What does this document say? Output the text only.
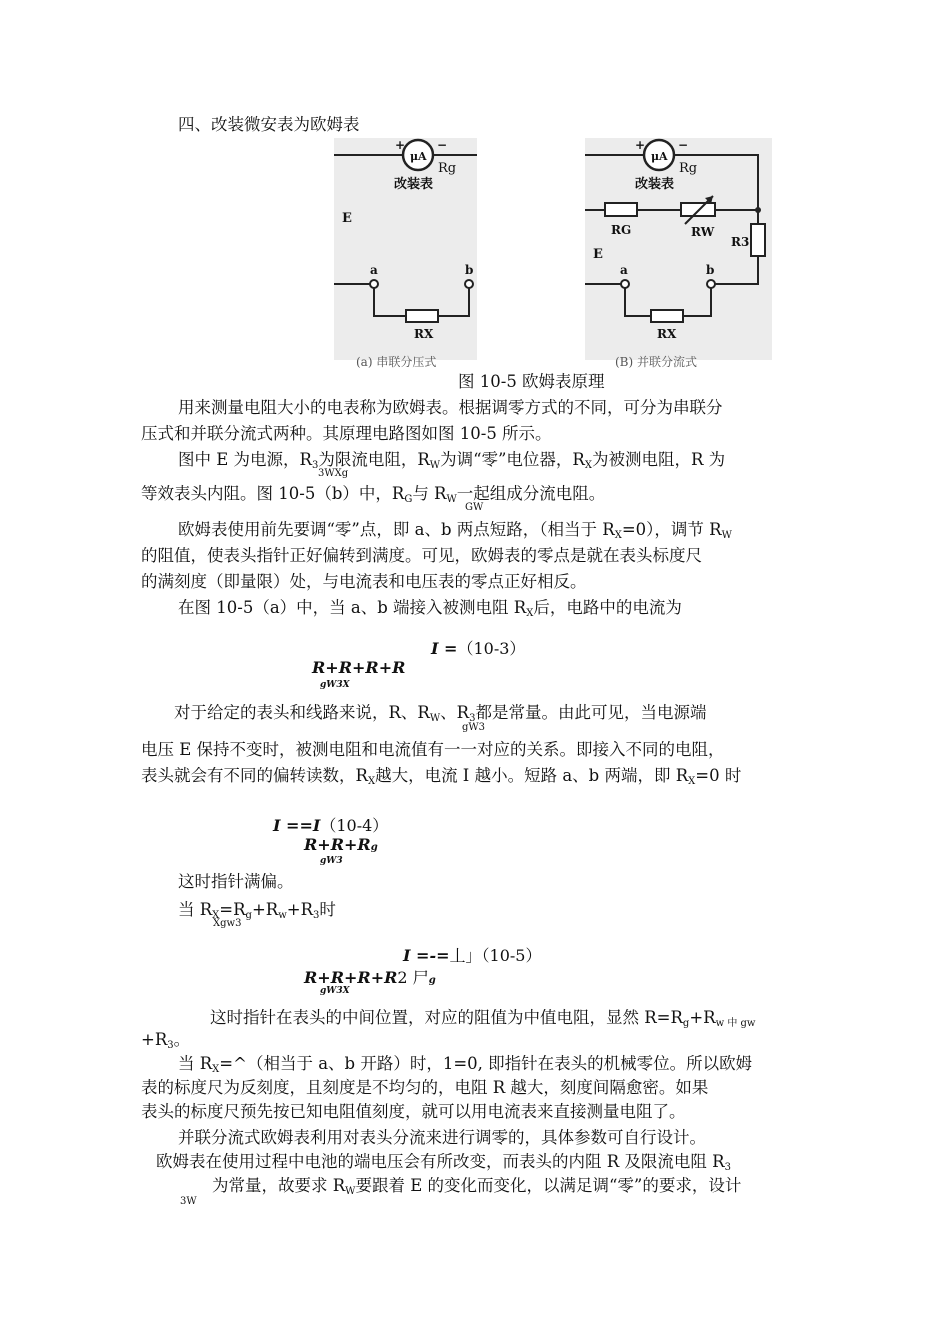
四、改装微安表为欧姆表
μA
+	−
Rg
改装表
E
a	b
RX
(a) 串联分压式
μA
+	−
Rg
改装表
RG	RW
R3
E
a	b
RX
(B) 并联分流式
图 10-5 欧姆表原理
用来测量电阻大小的电表称为欧姆表。根据调零方式的不同，可分为串联分
压式和并联分流式两种。其原理电路图如图 10-5 所示。
图中 E 为电源，$R_3$为限流电阻，$R_W$为调“零”电位器，$R_X$为被测电阻，R 为
3WXg
等效表头内阻。图 10-5（b）中，$R_G$与 $R_W$一起组成分流电阻。
GW
欧姆表使用前先要调“零”点，即 a、b 两点短路，（相当于 $R_X=0$），调节 $R_W$
的阻值，使表头指针正好偏转到满度。可见，欧姆表的零点是就在表头标度尺
的满刻度（即量限）处，与电流表和电压表的零点正好相反。
在图 10-5（a）中，当 a、b 端接入被测电阻 $R_X$后，电路中的电流为
I =（10-3）
R+R+R+R
gW3X
对于给定的表头和线路来说，R、$R_W$、$R_3$都是常量。由此可见，当电源端
gW3
电压 E 保持不变时，被测电阻和电流值有一一对应的关系。即接入不同的电阻，
表头就会有不同的偏转读数，$R_X$越大，电流 I 越小。短路 a、b 两端，即 $R_X=0$ 时
I ==I（10-4）
R+R+Rg
gW3
这时指针满偏。
当 $R_X=R_g+R_w+R_3$时
Xgw3
I =-=丄」（10-5）
R+R+R+R2 尸g
gW3X
这时指针在表头的中间位置，对应的阻值为中值电阻，显然 $R=R_g+R_{w 中 gw}$
$+R_3$。
当 $R_X=\^{}$（相当于 a、b 开路）时，1=0, 即指针在表头的机械零位。所以欧姆
表的标度尺为反刻度，且刻度是不均匀的，电阻 R 越大，刻度间隔愈密。如果
表头的标度尺预先按已知电阻值刻度，就可以用电流表来直接测量电阻了。
并联分流式欧姆表利用对表头分流来进行调零的，具体参数可自行设计。
欧姆表在使用过程中电池的端电压会有所改变，而表头的内阻 R 及限流电阻 $R_3$
为常量，故要求 $R_W$要跟着 E 的变化而变化，以满足调“零”的要求，设计
3W
